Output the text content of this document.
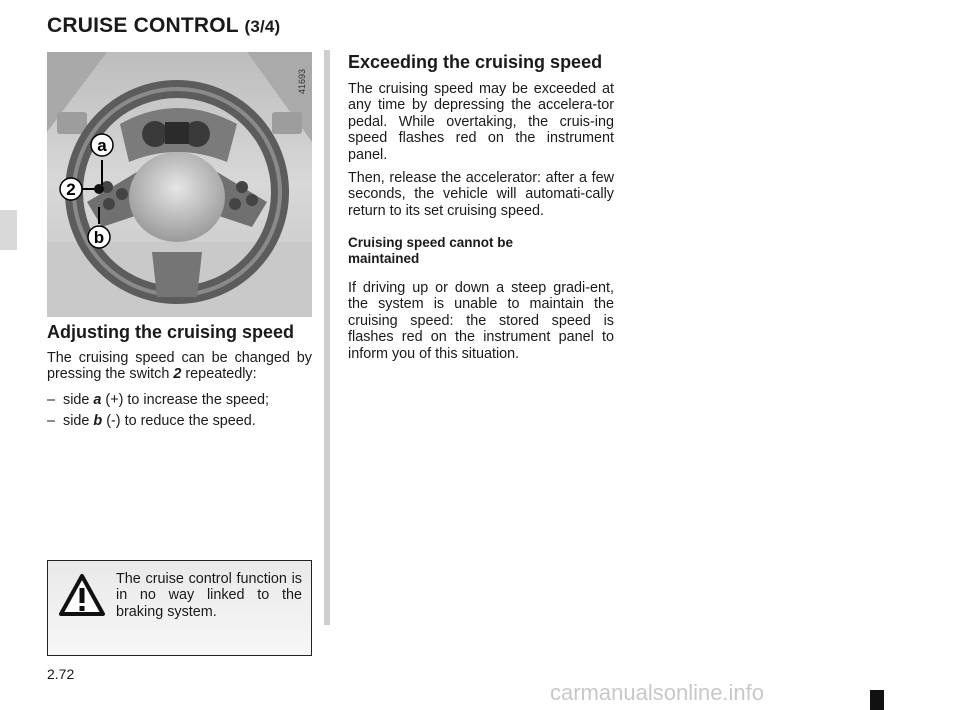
CRUISE CONTROL (3/4)
a
2
b
41693
Adjusting the cruising speed
The cruising speed can be changed by pressing the switch 2 repeatedly:
– side a (+) to increase the speed;
– side b (-) to reduce the speed.
Exceeding the cruising speed
The cruising speed may be exceeded at any time by depressing the accelera-tor pedal. While overtaking, the cruis-ing speed flashes red on the instrument panel.
Then, release the accelerator: after a few seconds, the vehicle will automati-cally return to its set cruising speed.
Cruising speed cannot be maintained
If driving up or down a steep gradi-ent, the system is unable to maintain the cruising speed: the stored speed is flashes red on the instrument panel to inform you of this situation.
The cruise control function is in no way linked to the braking system.
2.72
carmanualsonline.info
